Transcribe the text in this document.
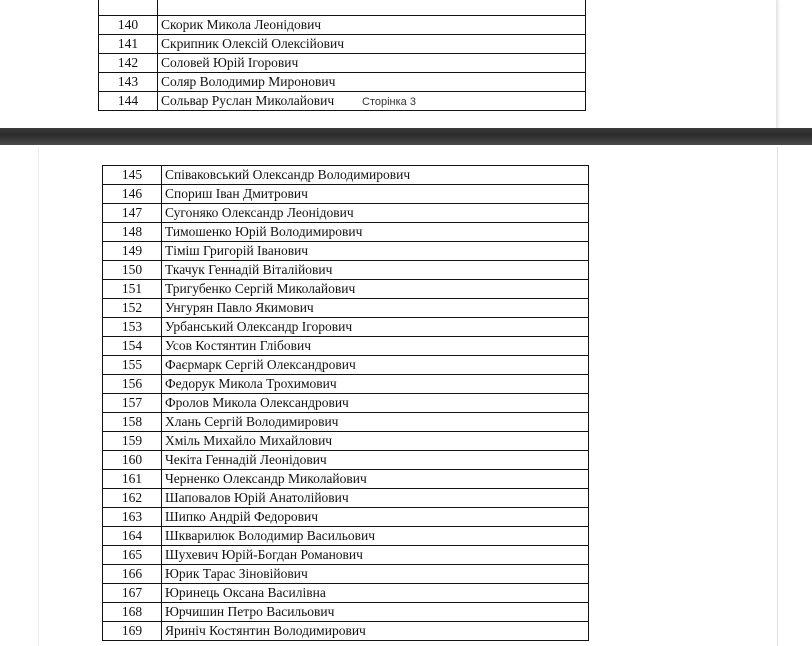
140	Скорик Микола Леонідович
141	Скрипник Олексій Олексійович
142	Соловей Юрій Ігорович
143	Соляр Володимир Миронович
144	Сольвар Руслан Миколайович	Сторінка 3
145	Співаковський Олександр Володимирович
146	Спориш Іван Дмитрович
147	Сугоняко Олександр Леонідович
148	Тимошенко Юрій Володимирович
149	Тіміш Григорій Іванович
150	Ткачук Геннадій Віталійович
151	Тригубенко Сергій Миколайович
152	Унгурян Павло Якимович
153	Урбанський Олександр Ігорович
154	Усов Костянтин Глібович
155	Фаєрмарк Сергій Олександрович
156	Федорук Микола Трохимович
157	Фролов Микола Олександрович
158	Хлань Сергій Володимирович
159	Хміль Михайло Михайлович
160	Чекіта Геннадій Леонідович
161	Черненко Олександр Миколайович
162	Шаповалов Юрій Анатолійович
163	Шипко Андрій Федорович
164	Шкварилюк Володимир Васильович
165	Шухевич Юрій-Богдан Романович
166	Юрик Тарас Зіновійович
167	Юринець Оксана Василівна
168	Юрчишин Петро Васильович
169	Яриніч Костянтин Володимирович
